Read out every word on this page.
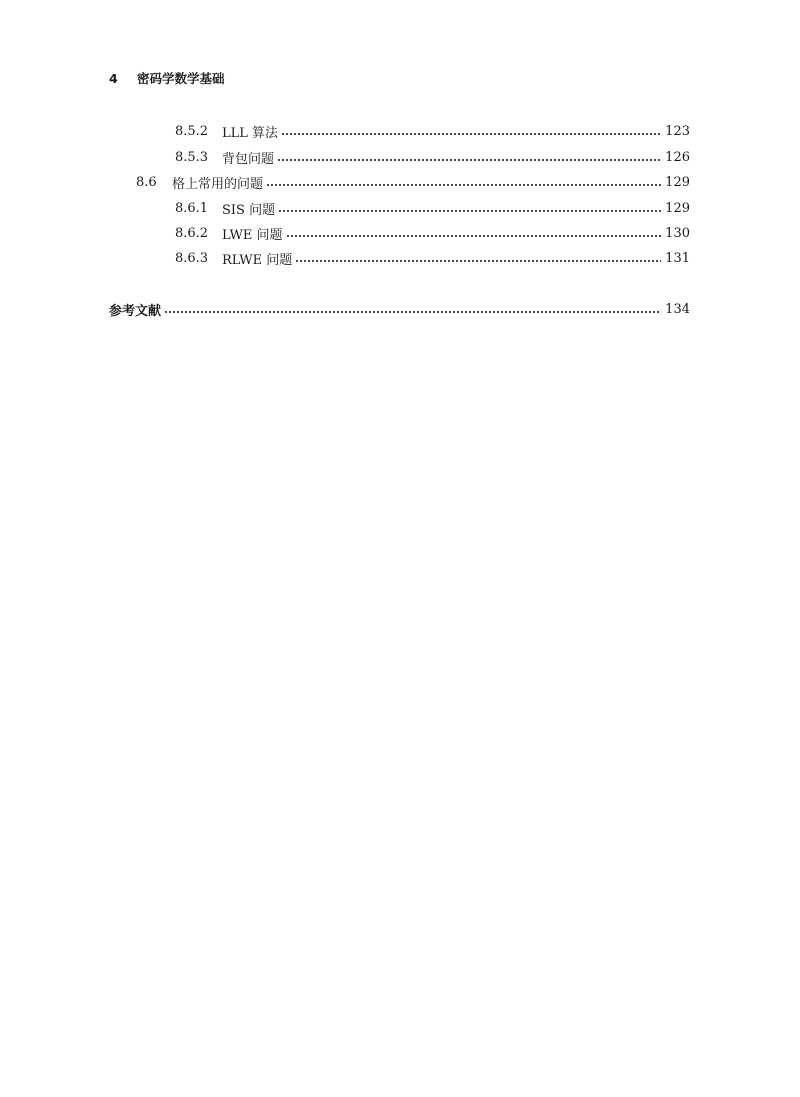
4	密码学数学基础
8.5.2	LLL 算法	123
8.5.3	背包问题	126
8.6	格上常用的问题	129
8.6.1	SIS 问题	129
8.6.2	LWE 问题	130
8.6.3	RLWE 问题	131
参考文献	134
